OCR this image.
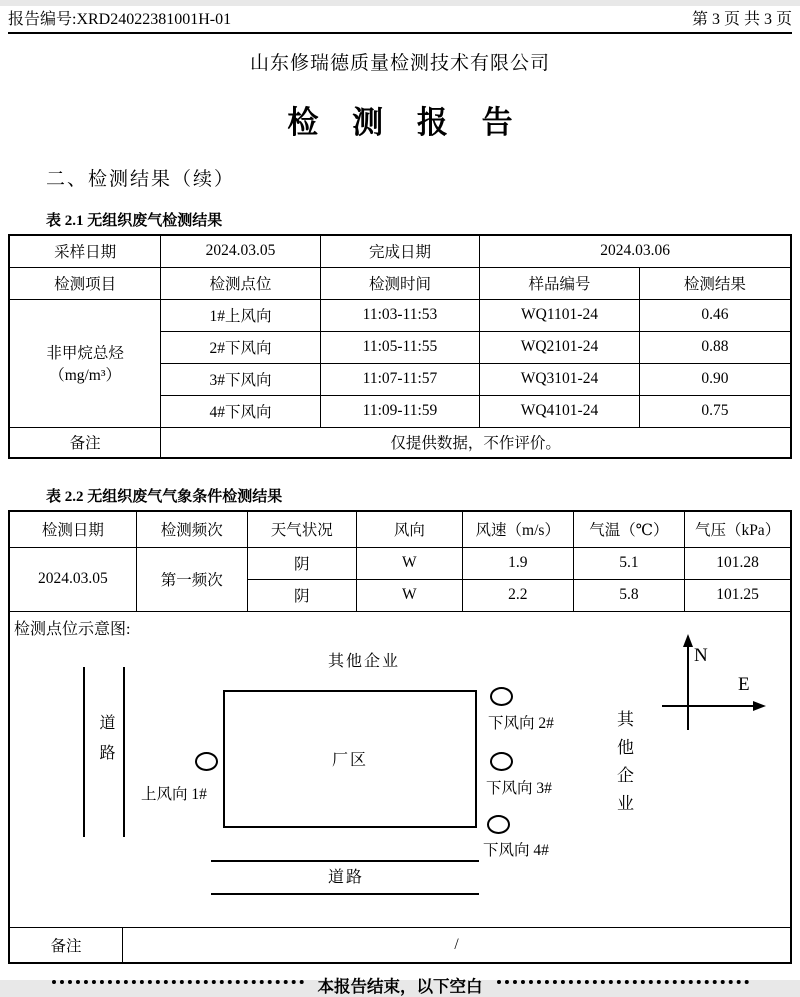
报告编号:XRD24022381001H-01	第 3 页 共 3 页
山东修瑞德质量检测技术有限公司
检 测 报 告
二、检测结果（续）
表 2.1 无组织废气检测结果
采样日期	2024.03.05	完成日期	2024.03.06	
检测项目	检测点位	检测时间	样品编号	检测结果

非甲烷总烃
（mg/m³）	1#上风向	11:03-11:53	WQ1101-24	0.46
	2#下风向	11:05-11:55	WQ2101-24	0.88
	3#下风向	11:07-11:57	WQ3101-24	0.90
	4#下风向	11:09-11:59	WQ4101-24	0.75
备注	仅提供数据，不作评价。			
表 2.2 无组织废气气象条件检测结果
检测日期	检测频次	天气状况	风向	风速（m/s）	气温（℃）	气压（kPa）
2024.03.05	第一频次	阴	W	1.9	5.1	101.28
		阴	W	2.2	5.8	101.25
检测点位示意图:
其他企业
道路	厂区
上风向 1#
下风向 2#
下风向 3#
下风向 4#
其他企业
N
E
道路
备注	/
本报告结束，以下空白
